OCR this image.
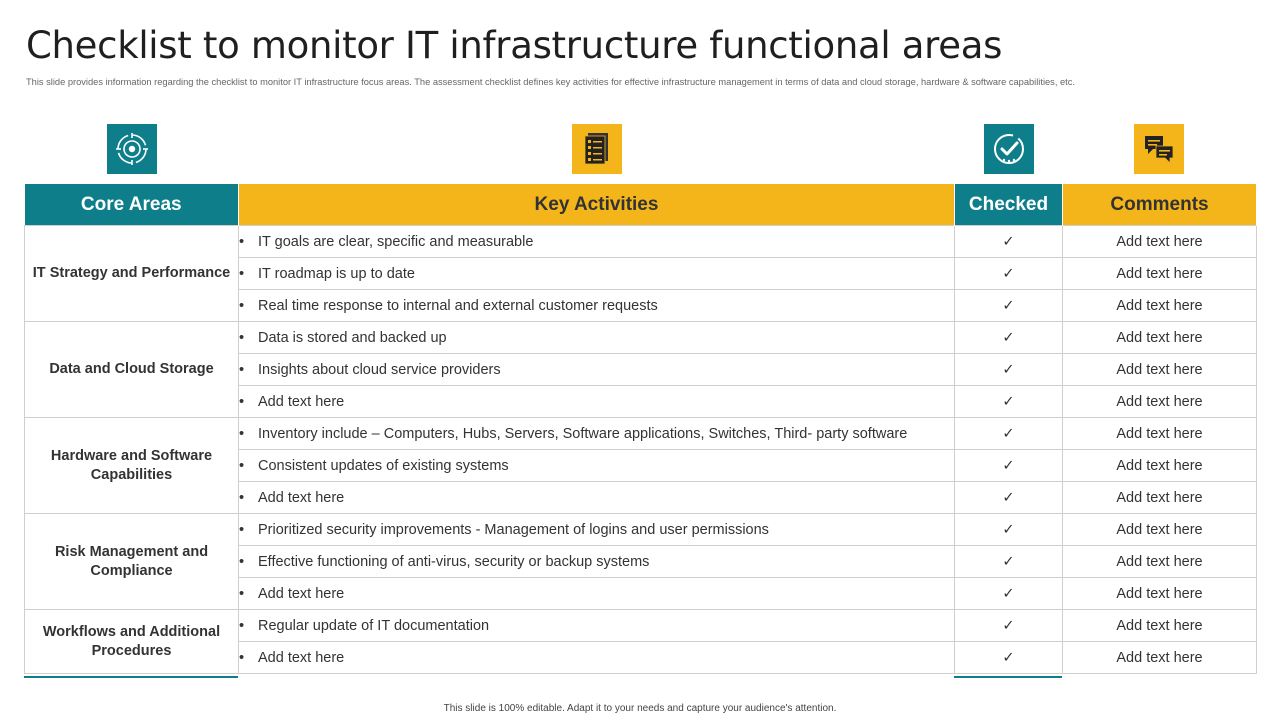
Checklist to monitor IT infrastructure functional areas
This slide provides information regarding the checklist to monitor IT infrastructure focus areas. The assessment checklist defines key activities for effective infrastructure management in terms of data and cloud storage, hardware & software capabilities, etc.
Core Areas	Key Activities	Checked	Comments
IT Strategy and Performance	• IT goals are clear, specific and measurable	✓	Add text here
	• IT roadmap is up to date	✓	Add text here
	• Real time response to internal and external customer requests	✓	Add text here
Data and Cloud Storage	• Data is stored and backed up	✓	Add text here
	• Insights about cloud service providers	✓	Add text here
	• Add text here	✓	Add text here
Hardware and Software Capabilities	• Inventory include – Computers, Hubs, Servers, Software applications, Switches, Third- party software	✓	Add text here
	• Consistent updates of existing systems	✓	Add text here
	• Add text here	✓	Add text here
Risk Management and Compliance	• Prioritized security improvements - Management of logins and user permissions	✓	Add text here
	• Effective functioning of anti-virus, security or backup systems	✓	Add text here
	• Add text here	✓	Add text here
Workflows and Additional Procedures	• Regular update of IT documentation	✓	Add text here
	• Add text here	✓	Add text here
This slide is 100% editable. Adapt it to your needs and capture your audience's attention.
